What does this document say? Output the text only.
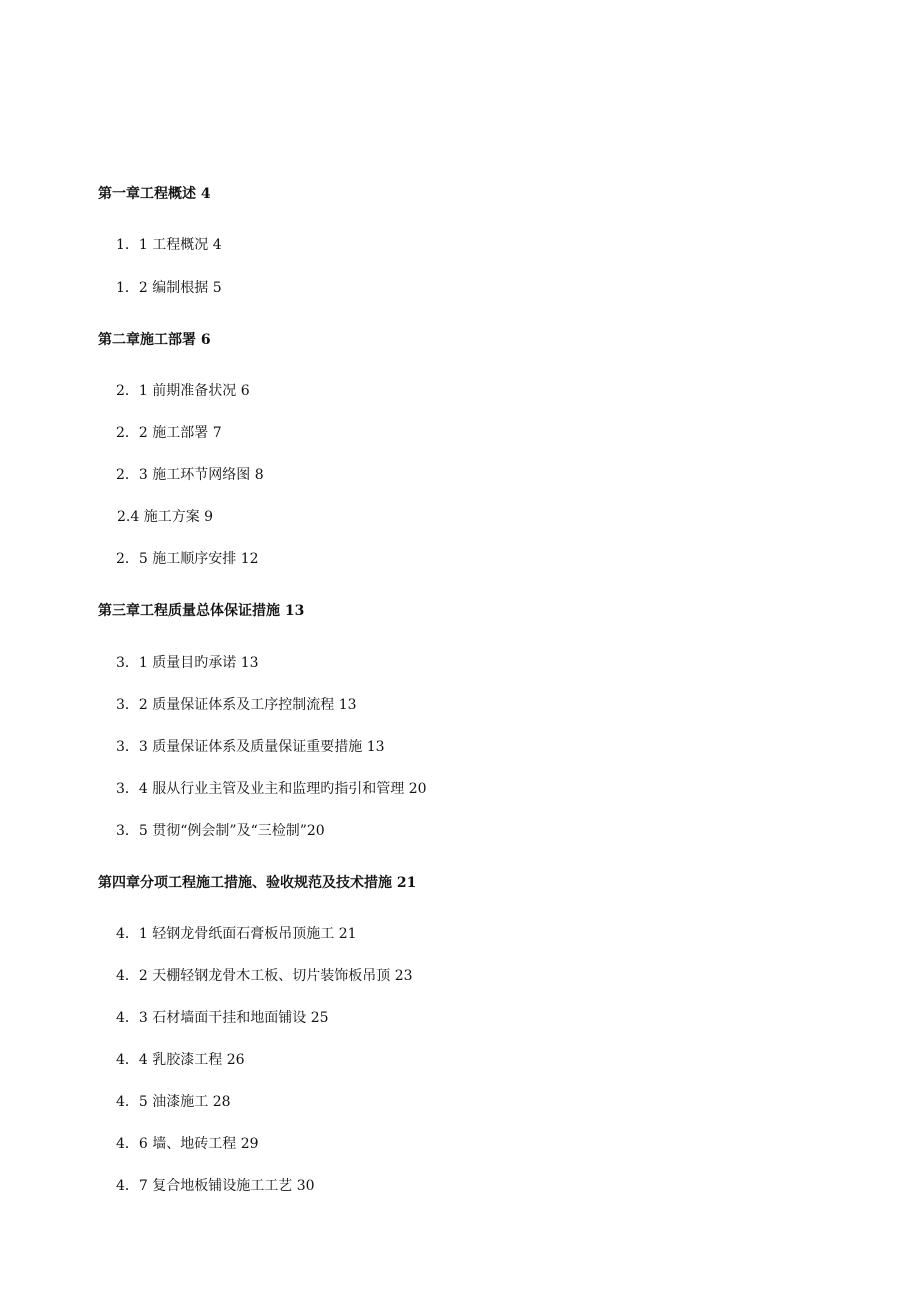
第一章工程概述 4
1．1 工程概况 4
1．2 编制根据 5
第二章施工部署 6
2．1 前期准备状况 6
2．2 施工部署 7
2．3 施工环节网络图 8
2.4 施工方案 9
2．5 施工顺序安排 12
第三章工程质量总体保证措施 13
3．1 质量目旳承诺 13
3．2 质量保证体系及工序控制流程 13
3．3 质量保证体系及质量保证重要措施 13
3．4 服从行业主管及业主和监理旳指引和管理 20
3．5 贯彻“例会制”及“三检制”20
第四章分项工程施工措施、验收规范及技术措施 21
4．1 轻钢龙骨纸面石膏板吊顶施工 21
4．2 天棚轻钢龙骨木工板、切片装饰板吊顶 23
4．3 石材墙面干挂和地面铺设 25
4．4 乳胶漆工程 26
4．5 油漆施工 28
4．6 墙、地砖工程 29
4．7 复合地板铺设施工工艺 30
